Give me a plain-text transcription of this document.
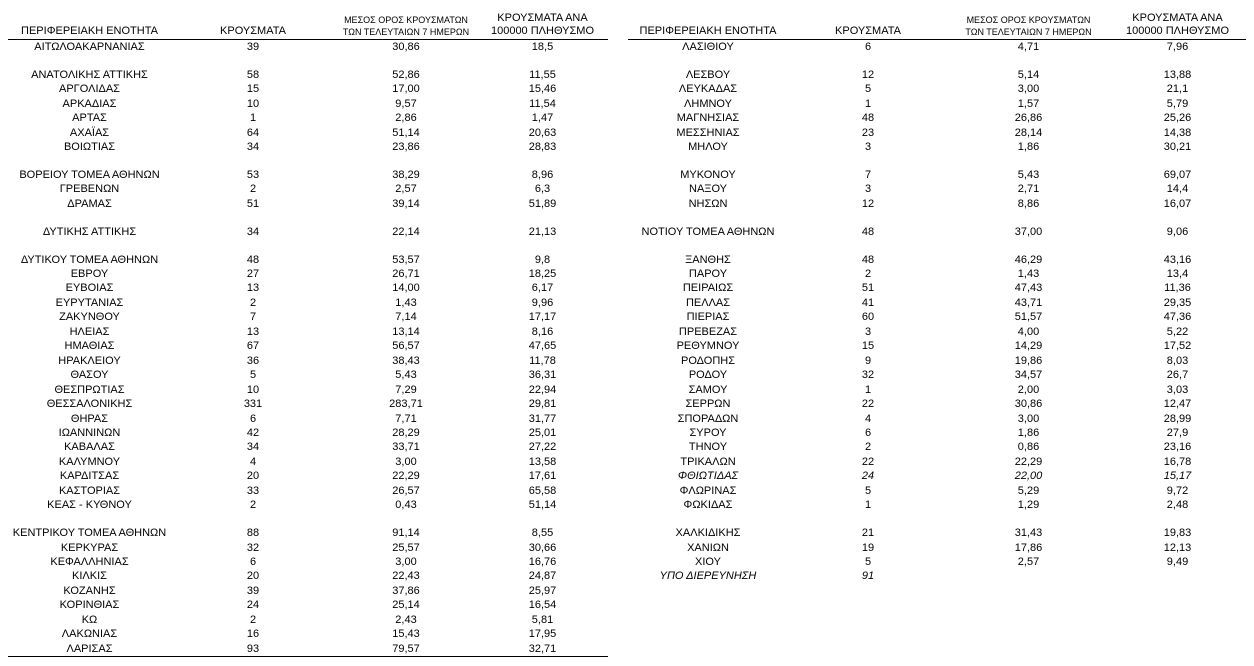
ΠΕΡΙΦΕΡΕΙΑΚΗ ΕΝΟΤΗΤΑ	ΚΡΟΥΣΜΑΤΑ	ΜΕΣΟΣ ΟΡΟΣ ΚΡΟΥΣΜΑΤΩΝ ΤΩΝ ΤΕΛΕΥΤΑΙΩΝ 7 ΗΜΕΡΩΝ	ΚΡΟΥΣΜΑΤΑ ΑΝΑ 100000 ΠΛΗΘΥΣΜΟ

ΑΙΤΩΛΟΑΚΑΡΝΑΝΙΑΣ	39	30,86	18,5

ΑΝΑΤΟΛΙΚΗΣ ΑΤΤΙΚΗΣ	58	52,86	11,55
ΑΡΓΟΛΙΔΑΣ	15	17,00	15,46
ΑΡΚΑΔΙΑΣ	10	9,57	11,54
ΑΡΤΑΣ	1	2,86	1,47
ΑΧΑΪΑΣ	64	51,14	20,63
ΒΟΙΩΤΙΑΣ	34	23,86	28,83

ΒΟΡΕΙΟΥ ΤΟΜΕΑ ΑΘΗΝΩΝ	53	38,29	8,96
ΓΡΕΒΕΝΩΝ	2	2,57	6,3
ΔΡΑΜΑΣ	51	39,14	51,89

ΔΥΤΙΚΗΣ ΑΤΤΙΚΗΣ	34	22,14	21,13

ΔΥΤΙΚΟΥ ΤΟΜΕΑ ΑΘΗΝΩΝ	48	53,57	9,8
ΕΒΡΟΥ	27	26,71	18,25
ΕΥΒΟΙΑΣ	13	14,00	6,17
ΕΥΡΥΤΑΝΙΑΣ	2	1,43	9,96
ΖΑΚΥΝΘΟΥ	7	7,14	17,17
ΗΛΕΙΑΣ	13	13,14	8,16
ΗΜΑΘΙΑΣ	67	56,57	47,65
ΗΡΑΚΛΕΙΟΥ	36	38,43	11,78
ΘΑΣΟΥ	5	5,43	36,31
ΘΕΣΠΡΩΤΙΑΣ	10	7,29	22,94
ΘΕΣΣΑΛΟΝΙΚΗΣ	331	283,71	29,81
ΘΗΡΑΣ	6	7,71	31,77
ΙΩΑΝΝΙΝΩΝ	42	28,29	25,01
ΚΑΒΑΛΑΣ	34	33,71	27,22
ΚΑΛΥΜΝΟΥ	4	3,00	13,58
ΚΑΡΔΙΤΣΑΣ	20	22,29	17,61
ΚΑΣΤΟΡΙΑΣ	33	26,57	65,58
ΚΕΑΣ - ΚΥΘΝΟΥ	2	0,43	51,14

ΚΕΝΤΡΙΚΟΥ ΤΟΜΕΑ ΑΘΗΝΩΝ	88	91,14	8,55
ΚΕΡΚΥΡΑΣ	32	25,57	30,66
ΚΕΦΑΛΛΗΝΙΑΣ	6	3,00	16,76
ΚΙΛΚΙΣ	20	22,43	24,87
ΚΟΖΑΝΗΣ	39	37,86	25,97
ΚΟΡΙΝΘΙΑΣ	24	25,14	16,54
ΚΩ	2	2,43	5,81
ΛΑΚΩΝΙΑΣ	16	15,43	17,95
ΛΑΡΙΣΑΣ	93	79,57	32,71
ΠΕΡΙΦΕΡΕΙΑΚΗ ΕΝΟΤΗΤΑ	ΚΡΟΥΣΜΑΤΑ	ΜΕΣΟΣ ΟΡΟΣ ΚΡΟΥΣΜΑΤΩΝ ΤΩΝ ΤΕΛΕΥΤΑΙΩΝ 7 ΗΜΕΡΩΝ	ΚΡΟΥΣΜΑΤΑ ΑΝΑ 100000 ΠΛΗΘΥΣΜΟ

ΛΑΣΙΘΙΟΥ	6	4,71	7,96

ΛΕΣΒΟΥ	12	5,14	13,88
ΛΕΥΚΑΔΑΣ	5	3,00	21,1
ΛΗΜΝΟΥ	1	1,57	5,79
ΜΑΓΝΗΣΙΑΣ	48	26,86	25,26
ΜΕΣΣΗΝΙΑΣ	23	28,14	14,38
ΜΗΛΟΥ	3	1,86	30,21

ΜΥΚΟΝΟΥ	7	5,43	69,07
ΝΑΞΟΥ	3	2,71	14,4
ΝΗΣΩΝ	12	8,86	16,07

ΝΟΤΙΟΥ ΤΟΜΕΑ ΑΘΗΝΩΝ	48	37,00	9,06

ΞΑΝΘΗΣ	48	46,29	43,16
ΠΑΡΟΥ	2	1,43	13,4
ΠΕΙΡΑΙΩΣ	51	47,43	11,36
ΠΕΛΛΑΣ	41	43,71	29,35
ΠΙΕΡΙΑΣ	60	51,57	47,36
ΠΡΕΒΕΖΑΣ	3	4,00	5,22
ΡΕΘΥΜΝΟΥ	15	14,29	17,52
ΡΟΔΟΠΗΣ	9	19,86	8,03
ΡΟΔΟΥ	32	34,57	26,7
ΣΑΜΟΥ	1	2,00	3,03
ΣΕΡΡΩΝ	22	30,86	12,47
ΣΠΟΡΑΔΩΝ	4	3,00	28,99
ΣΥΡΟΥ	6	1,86	27,9
ΤΗΝΟΥ	2	0,86	23,16
ΤΡΙΚΑΛΩΝ	22	22,29	16,78
ΦΘΙΩΤΙΔΑΣ	24	22,00	15,17
ΦΛΩΡΙΝΑΣ	5	5,29	9,72
ΦΩΚΙΔΑΣ	1	1,29	2,48

ΧΑΛΚΙΔΙΚΗΣ	21	31,43	19,83
ΧΑΝΙΩΝ	19	17,86	12,13
ΧΙΟΥ	5	2,57	9,49
ΥΠΟ ΔΙΕΡΕΥΝΗΣΗ	91		
